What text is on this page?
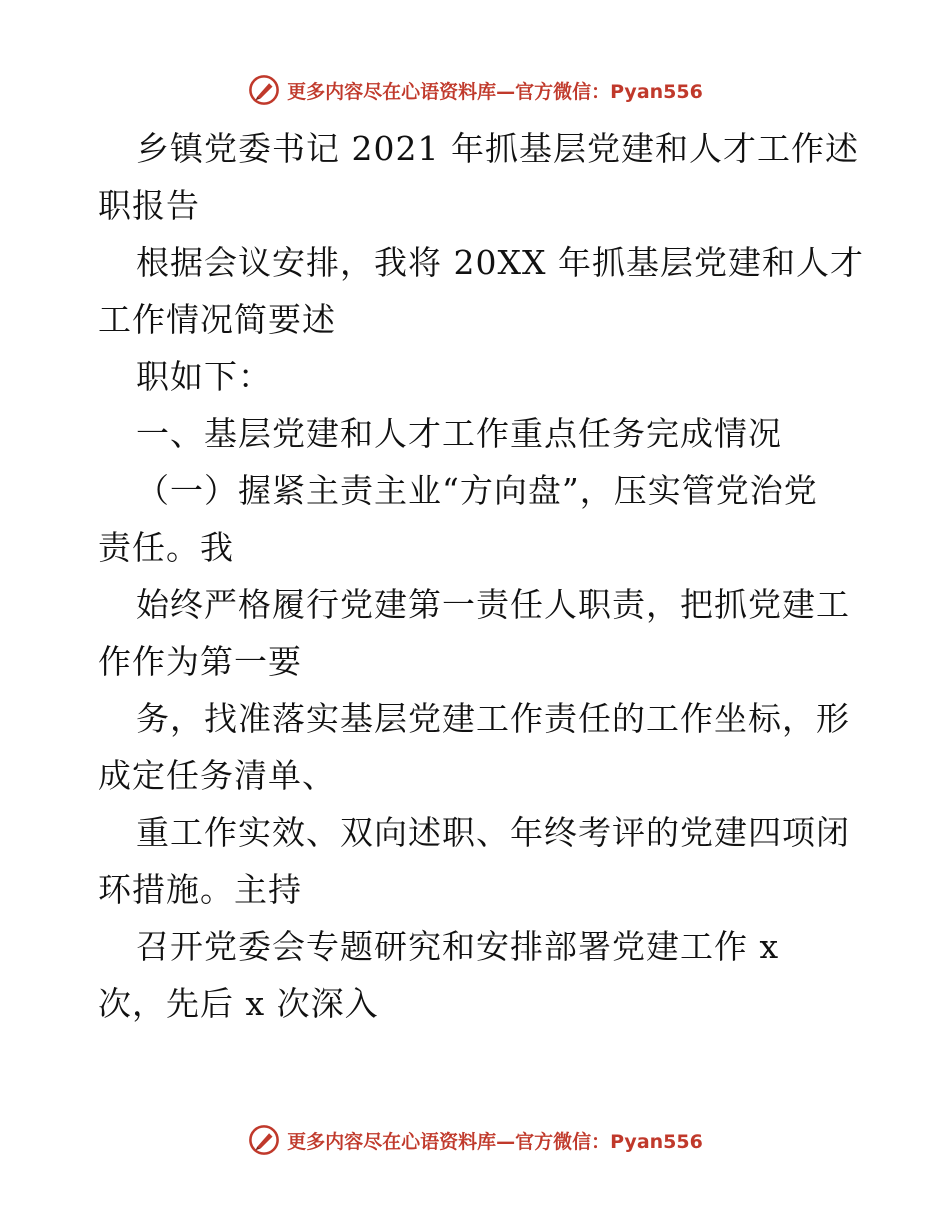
更多内容尽在心语资料库—官方微信：Pyan556
乡镇党委书记 2021 年抓基层党建和人才工作述
职报告
根据会议安排，我将 20XX 年抓基层党建和人才
工作情况简要述
职如下：
一、基层党建和人才工作重点任务完成情况
（一）握紧主责主业“方向盘”，压实管党治党
责任。我
始终严格履行党建第一责任人职责，把抓党建工
作作为第一要
务，找准落实基层党建工作责任的工作坐标，形
成定任务清单、
重工作实效、双向述职、年终考评的党建四项闭
环措施。主持
召开党委会专题研究和安排部署党建工作 x
次，先后 x 次深入
更多内容尽在心语资料库—官方微信：Pyan556
